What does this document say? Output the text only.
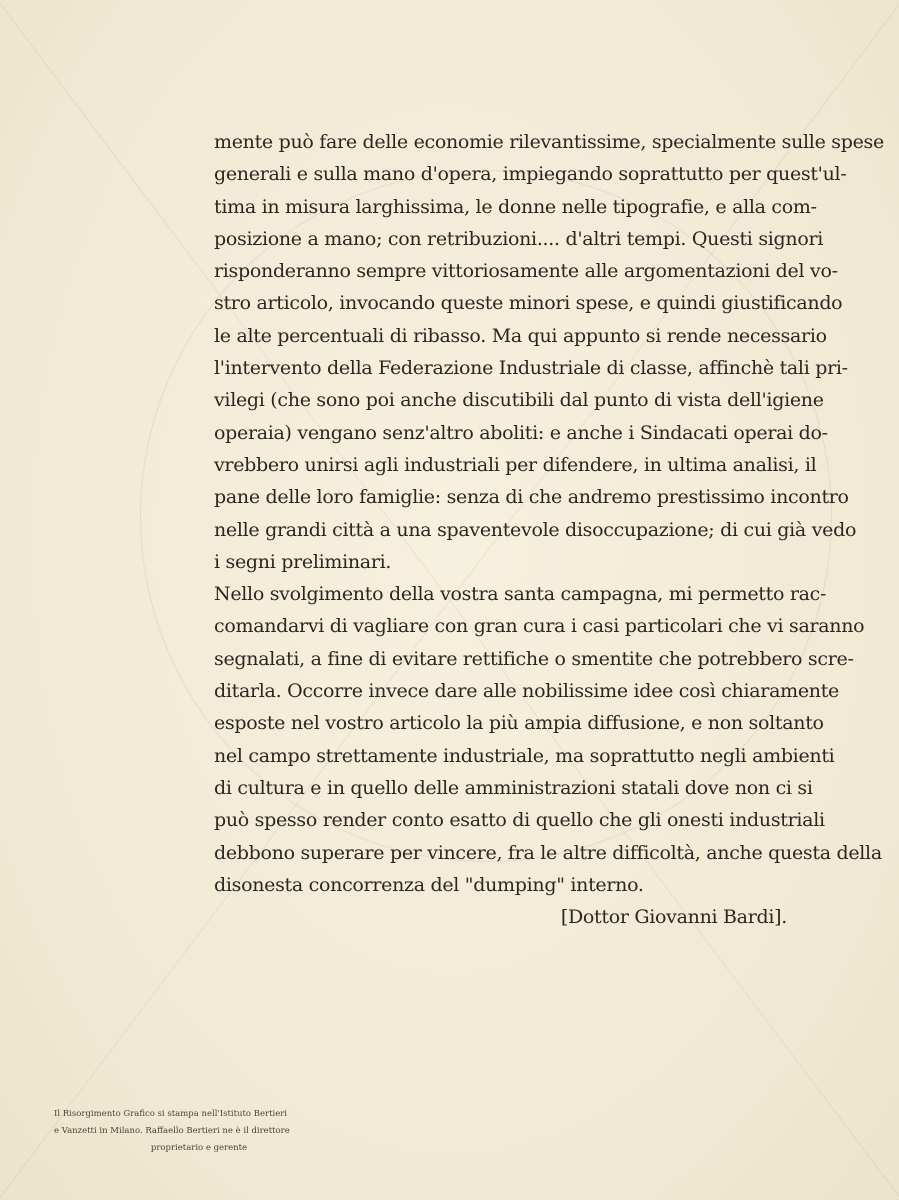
mente può fare delle economie rilevantissime, specialmente sulle spese
generali e sulla mano d'opera, impiegando soprattutto per quest'ul-
tima in misura larghissima, le donne nelle tipografie, e alla com-
posizione a mano; con retribuzioni.... d'altri tempi. Questi signori
risponderanno sempre vittoriosamente alle argomentazioni del vo-
stro articolo, invocando queste minori spese, e quindi giustificando
le alte percentuali di ribasso. Ma qui appunto si rende necessario
l'intervento della Federazione Industriale di classe, affinchè tali pri-
vilegi (che sono poi anche discutibili dal punto di vista dell'igiene
operaia) vengano senz'altro aboliti: e anche i Sindacati operai do-
vrebbero unirsi agli industriali per difendere, in ultima analisi, il
pane delle loro famiglie: senza di che andremo prestissimo incontro
nelle grandi città a una spaventevole disoccupazione; di cui già vedo
i segni preliminari.
Nello svolgimento della vostra santa campagna, mi permetto rac-
comandarvi di vagliare con gran cura i casi particolari che vi saranno
segnalati, a fine di evitare rettifiche o smentite che potrebbero scre-
ditarla. Occorre invece dare alle nobilissime idee così chiaramente
esposte nel vostro articolo la più ampia diffusione, e non soltanto
nel campo strettamente industriale, ma soprattutto negli ambienti
di cultura e in quello delle amministrazioni statali dove non ci si
può spesso render conto esatto di quello che gli onesti industriali
debbono superare per vincere, fra le altre difficoltà, anche questa della
disonesta concorrenza del "dumping" interno.
[Dottor Giovanni Bardi].
Il Risorgimento Grafico si stampa nell'Istituto Bertieri
e Vanzetti in Milano. Raffaello Bertieri ne è il direttore
proprietario e gerente
